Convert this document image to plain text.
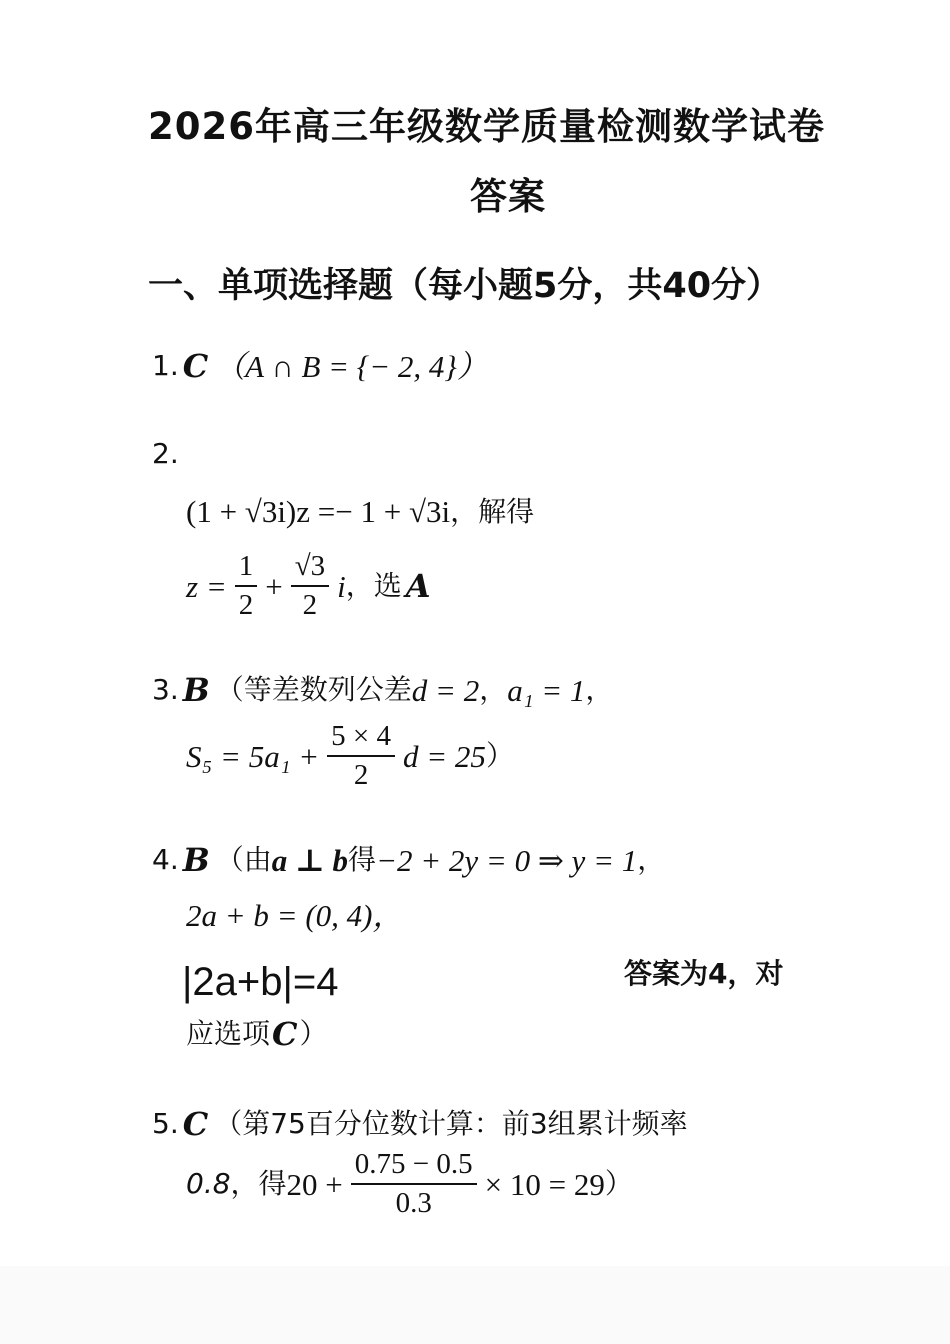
2026年高三年级数学质量检测数学试卷
答案
一、单项选择题（每小题5分，共40分）
1. C （A ∩ B = {− 2, 4}）
2.
(1 + √3i)z =− 1 + √3i ，解得
$z = \frac{1}{2} + \frac{√3}{2}$ i ，选 A
3. B （等差数列公差 d = 2 ， a₁ = 1 ，
$S_5 = 5a_1 + \frac{5 \times 4}{2}$ d = 25 ）
4. B （由 a ⊥ b 得 −2 + 2y = 0 ⇒ y = 1 ，
2a + b = (0, 4)，
|2a+b|=4	答案为4，对
应选项 C ）
5. C （第75百分位数计算：前3组累计频率
0.8 ，得 $20 + \frac{0.75 - 0.5}{0.3} \times 10 = 29$ ）
